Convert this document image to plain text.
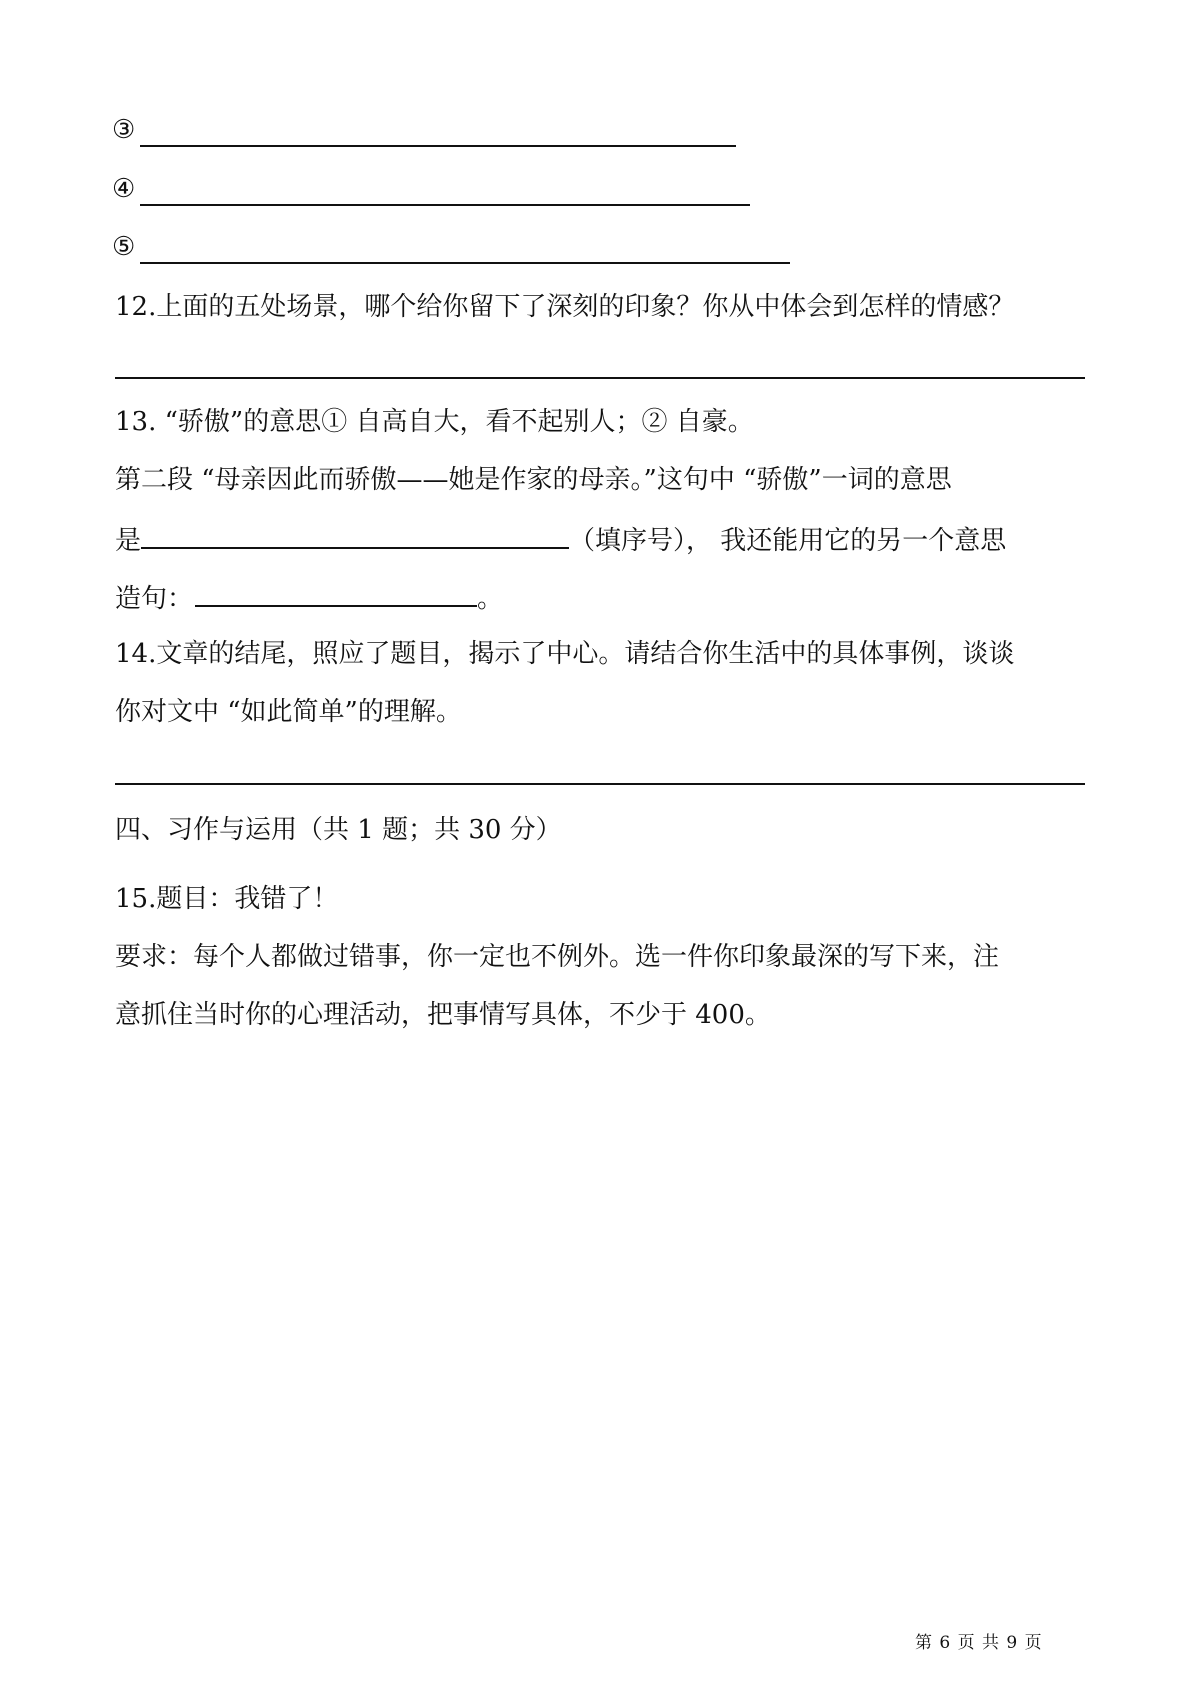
③
④
⑤
12.上面的五处场景，哪个给你留下了深刻的印象？你从中体会到怎样的情感？
13. “骄傲”的意思① 自高自大，看不起别人；② 自豪。
第二段 “母亲因此而骄傲——她是作家的母亲。”这句中 “骄傲”一词的意思
是	（填序号）， 我还能用它的另一个意思
造句：	。
14.文章的结尾，照应了题目，揭示了中心。请结合你生活中的具体事例，谈谈
你对文中 “如此简单”的理解。
四、习作与运用（共 1 题；共 30 分）
15.题目：我错了！
要求：每个人都做过错事，你一定也不例外。选一件你印象最深的写下来，注
意抓住当时你的心理活动，把事情写具体，不少于 400。
第 6 页 共 9 页
